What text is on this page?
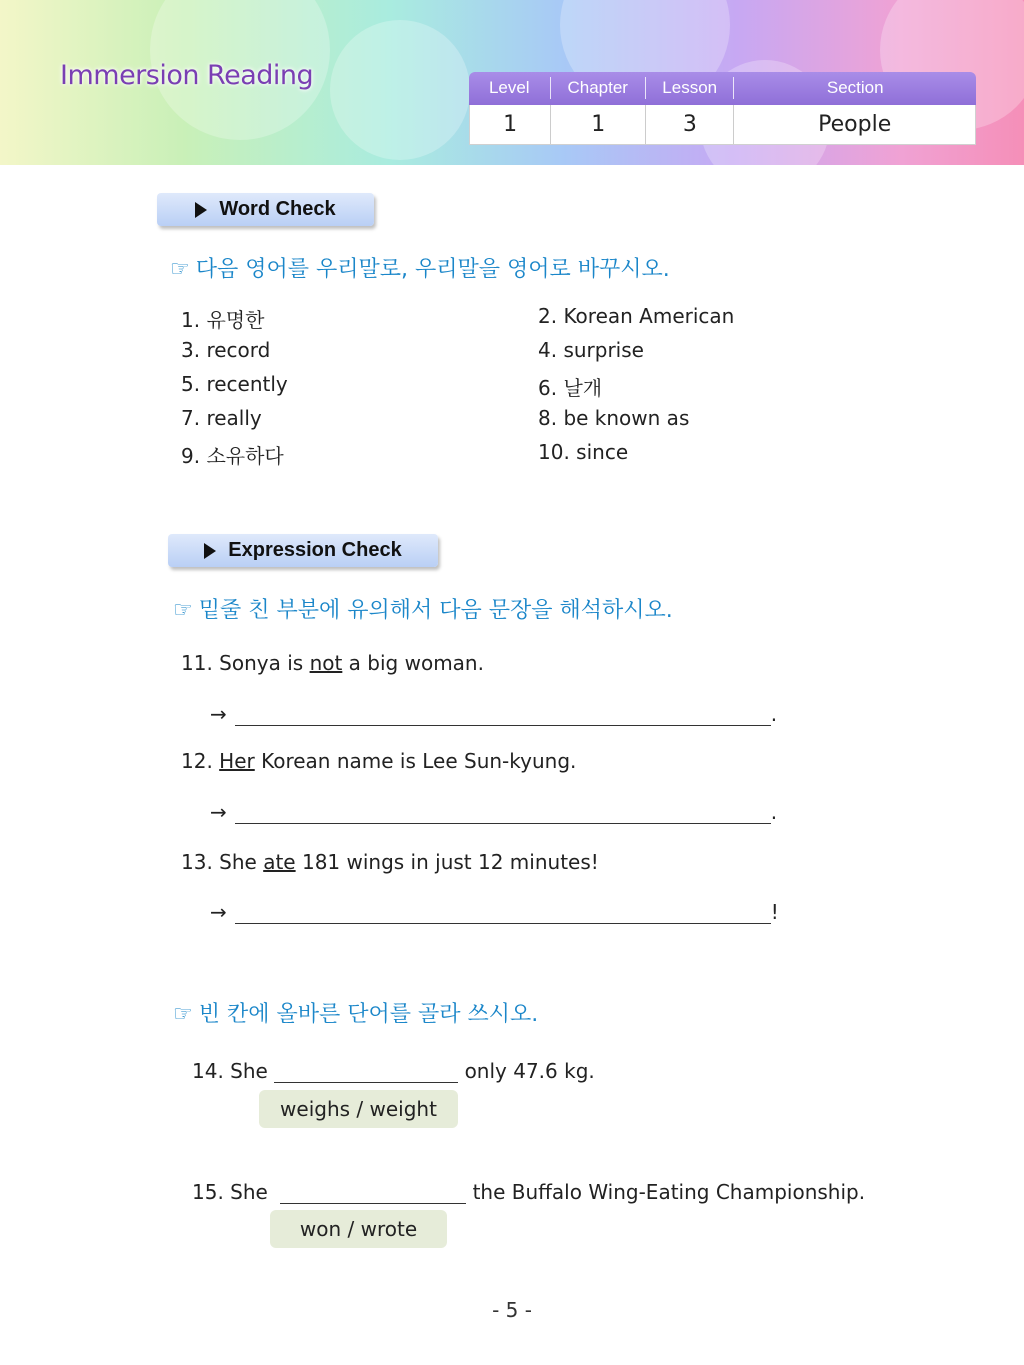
Immersion Reading	Level	Chapter	Lesson	Section
1	1	3	People
Word Check
☞ 다음 영어를 우리말로, 우리말을 영어로 바꾸시오.
1. 유명한	2. Korean American
3. record	4. surprise
5. recently	6. 날개
7. really	8. be known as
9. 소유하다	10. since
Expression Check
☞ 밑줄 친 부분에 유의해서 다음 문장을 해석하시오.
11. Sonya is not a big woman.
→	.
12. Her Korean name is Lee Sun-kyung.
→	.
13. She ate 181 wings in just 12 minutes!
→	!
☞ 빈 칸에 올바른 단어를 골라 쓰시오.
14. She	only 47.6 kg.
weighs / weight
15. She	the Buffalo Wing-Eating Championship.
won / wrote
- 5 -
